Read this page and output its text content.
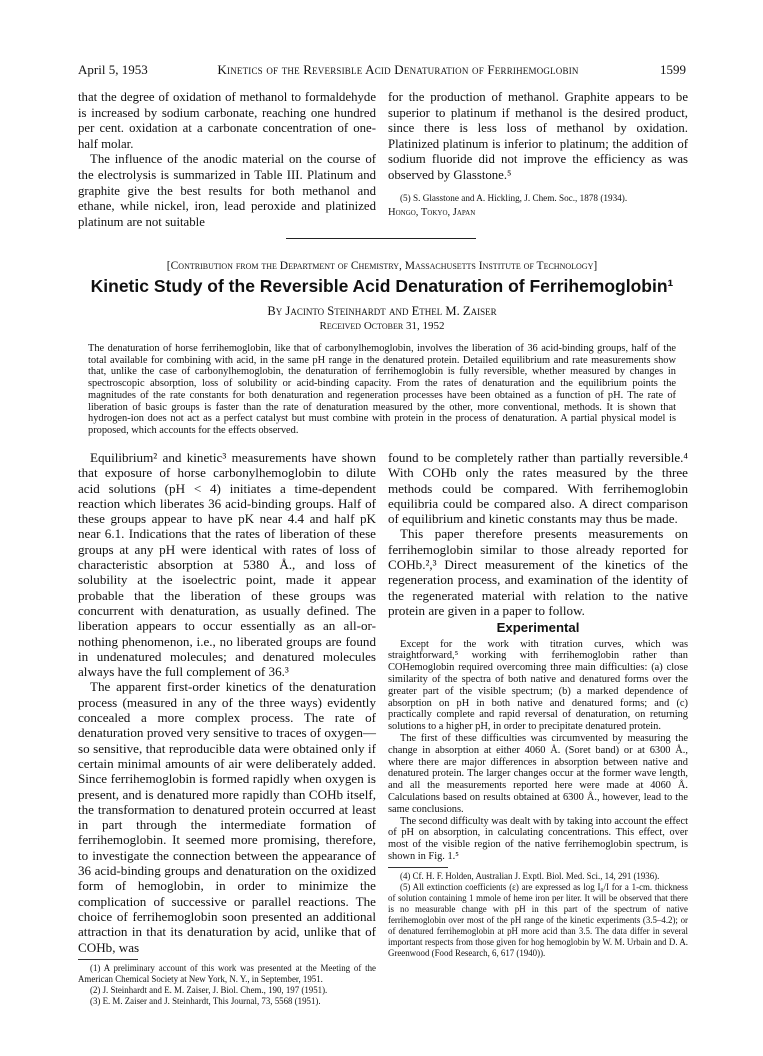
April 5, 1953	Kinetics of the Reversible Acid Denaturation of Ferrihemoglobin	1599

that the degree of oxidation of methanol to formaldehyde is increased by sodium carbonate, reaching one hundred per cent. oxidation at a carbonate concentration of one-half molar.

The influence of the anodic material on the course of the electrolysis is summarized in Table III. Platinum and graphite give the best results for both methanol and ethane, while nickel, iron, lead peroxide and platinized platinum are not suitable

for the production of methanol. Graphite appears to be superior to platinum if methanol is the desired product, since there is less loss of methanol by oxidation. Platinized platinum is inferior to platinum; the addition of sodium fluoride did not improve the efficiency as was observed by Glasstone.⁵

(5) S. Glasstone and A. Hickling, J. Chem. Soc., 1878 (1934).

Hongo, Tokyo, Japan

[Contribution from the Department of Chemistry, Massachusetts Institute of Technology]
Kinetic Study of the Reversible Acid Denaturation of Ferrihemoglobin¹
By Jacinto Steinhardt and Ethel M. Zaiser
Received October 31, 1952
The denaturation of horse ferrihemoglobin, like that of carbonylhemoglobin, involves the liberation of 36 acid-binding groups, half of the total available for combining with acid, in the same pH range in the denatured protein. Detailed equilibrium and rate measurements show that, unlike the case of carbonylhemoglobin, the denaturation of ferrihemoglobin is fully reversible, whether measured by changes in spectroscopic absorption, loss of solubility or acid-binding capacity. From the rates of denaturation and the equilibrium points the magnitudes of the rate constants for both denaturation and regeneration processes have been obtained as a function of pH. The rate of liberation of basic groups is faster than the rate of denaturation measured by the other, more conventional, methods. It is shown that hydrogen-ion does not act as a perfect catalyst but must combine with protein in the process of denaturation. A partial physical model is proposed, which accounts for the effects observed.

Equilibrium² and kinetic³ measurements have shown that exposure of horse carbonylhemoglobin to dilute acid solutions (pH < 4) initiates a time-dependent reaction which liberates 36 acid-binding groups. Half of these groups appear to have pK near 4.4 and half pK near 6.1. Indications that the rates of liberation of these groups at any pH were identical with rates of loss of characteristic absorption at 5380 Å., and loss of solubility at the isoelectric point, made it appear probable that the liberation of these groups was concurrent with denaturation, as usually defined. The liberation appears to occur essentially as an all-or-nothing phenomenon, i.e., no liberated groups are found in undenatured molecules; and denatured molecules always have the full complement of 36.³

The apparent first-order kinetics of the denaturation process (measured in any of the three ways) evidently concealed a more complex process. The rate of denaturation proved very sensitive to traces of oxygen—so sensitive, that reproducible data were obtained only if certain minimal amounts of air were deliberately added. Since ferrihemoglobin is formed rapidly when oxygen is present, and is denatured more rapidly than COHb itself, the transformation to denatured protein occurred at least in part through the intermediate formation of ferrihemoglobin. It seemed more promising, therefore, to investigate the connection between the appearance of 36 acid-binding groups and denaturation on the oxidized form of hemoglobin, in order to minimize the complication of successive or parallel reactions. The choice of ferrihemoglobin soon presented an additional attraction in that its denaturation by acid, unlike that of COHb, was

(1) A preliminary account of this work was presented at the Meeting of the American Chemical Society at New York, N. Y., in September, 1951.

(2) J. Steinhardt and E. M. Zaiser, J. Biol. Chem., 190, 197 (1951).

(3) E. M. Zaiser and J. Steinhardt, This Journal, 73, 5568 (1951).

found to be completely rather than partially reversible.⁴ With COHb only the rates measured by the three methods could be compared. With ferrihemoglobin equilibria could be compared also. A direct comparison of equilibrium and kinetic constants may thus be made.

This paper therefore presents measurements on ferrihemoglobin similar to those already reported for COHb.²,³ Direct measurement of the kinetics of the regeneration process, and examination of the identity of the regenerated material with relation to the native protein are given in a paper to follow.

Experimental

Except for the work with titration curves, which was straightforward,⁵ working with ferrihemoglobin rather than COHemoglobin required overcoming three main difficulties: (a) close similarity of the spectra of both native and denatured forms over the greater part of the visible spectrum; (b) a marked dependence of absorption on pH in both native and denatured forms; and (c) practically complete and rapid reversal of denaturation, on returning solutions to a higher pH, in order to precipitate denatured protein.

The first of these difficulties was circumvented by measuring the change in absorption at either 4060 Å. (Soret band) or at 6300 Å., where there are major differences in absorption between native and denatured protein. The larger changes occur at the former wave length, and all the measurements reported here were made at 4060 Å. Calculations based on results obtained at 6300 Å., however, lead to the same conclusions.

The second difficulty was dealt with by taking into account the effect of pH on absorption, in calculating concentrations. This effect, over most of the visible region of the native ferrihemoglobin spectrum, is shown in Fig. 1.⁵

(4) Cf. H. F. Holden, Australian J. Exptl. Biol. Med. Sci., 14, 291 (1936).

(5) All extinction coefficients (ε) are expressed as log I₀/I for a 1-cm. thickness of solution containing 1 mmole of heme iron per liter. It will be observed that there is no measurable change with pH in this part of the spectrum of native ferrihemoglobin over most of the pH range of the kinetic experiments (3.5–4.2); or of denatured ferrihemoglobin at pH more acid than 3.5. The data differ in several important respects from those given for hog hemoglobin by W. M. Urbain and D. A. Greenwood (Food Research, 6, 617 (1940)).
